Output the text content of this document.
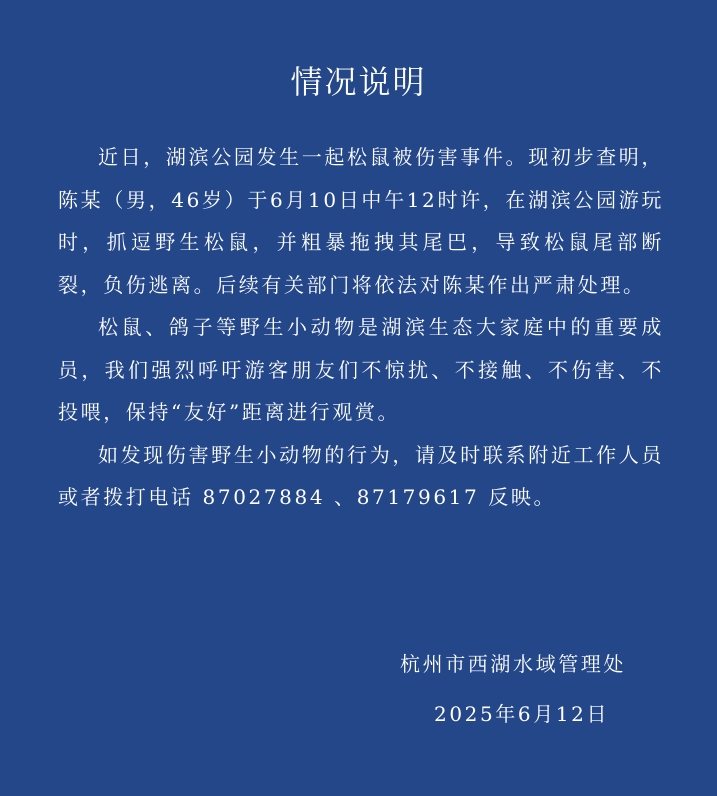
情况说明

近日，湖滨公园发生一起松鼠被伤害事件。现初步查明，陈某（男，46岁）于6月10日中午12时许，在湖滨公园游玩时，抓逗野生松鼠，并粗暴拖拽其尾巴，导致松鼠尾部断裂，负伤逃离。后续有关部门将依法对陈某作出严肃处理。

松鼠、鸽子等野生小动物是湖滨生态大家庭中的重要成员，我们强烈呼吁游客朋友们不惊扰、不接触、不伤害、不投喂，保持“友好”距离进行观赏。

如发现伤害野生小动物的行为，请及时联系附近工作人员或者拨打电话 87027884 、87179617 反映。

杭州市西湖水域管理处
2025年6月12日
